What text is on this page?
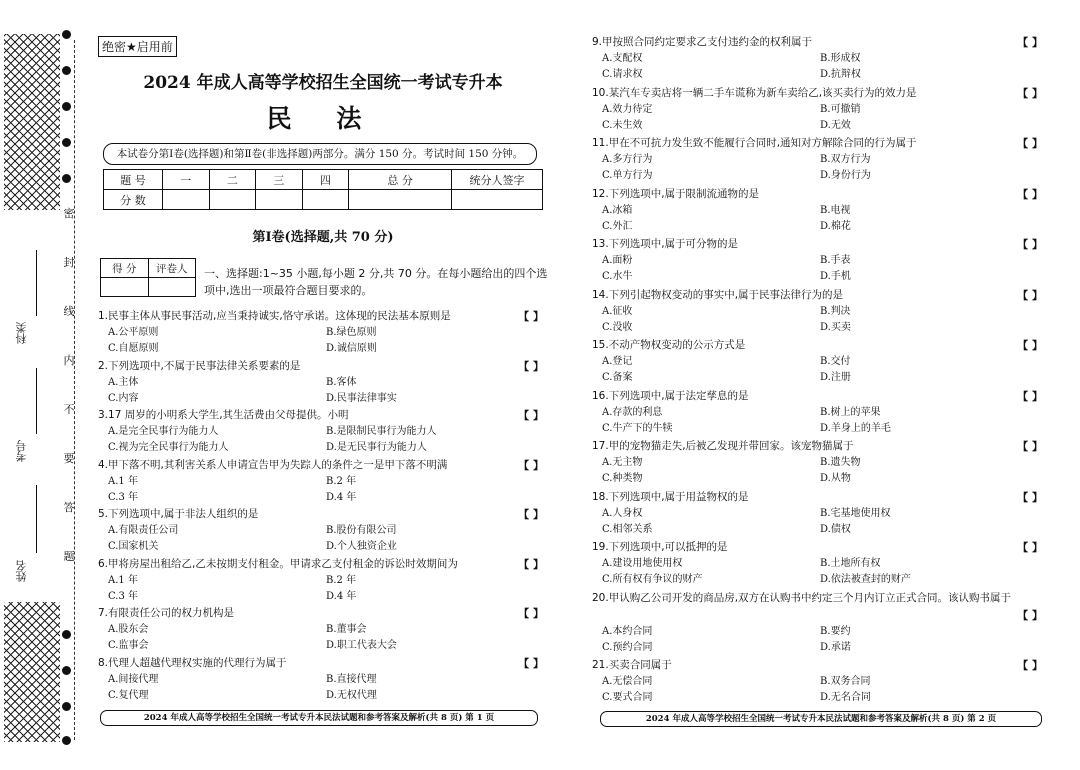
密
封
线
内
不
要
答
题
科类
考号
姓名
绝密★启用前
2024 年成人高等学校招生全国统一考试专升本
民 法
本试卷分第Ⅰ卷(选择题)和第Ⅱ卷(非选择题)两部分。满分 150 分。考试时间 150 分钟。
题 号	一	二	三	四	总 分	统分人签字
分 数						
第Ⅰ卷(选择题,共 70 分)
得 分	评卷人
	一、选择题:1~35 小题,每小题 2 分,共 70 分。在每小题给出的四个选项中,选出一项最符合题目要求的。
1.民事主体从事民事活动,应当秉持诚实,恪守承诺。这体现的民法基本原则是	【 】
A.公平原则	B.绿色原则
C.自愿原则	D.诚信原则
2.下列选项中,不属于民事法律关系要素的是	【 】
A.主体	B.客体
C.内容	D.民事法律事实
3.17 周岁的小明系大学生,其生活费由父母提供。小明	【 】
A.是完全民事行为能力人	B.是限制民事行为能力人
C.视为完全民事行为能力人	D.是无民事行为能力人
4.甲下落不明,其利害关系人申请宣告甲为失踪人的条件之一是甲下落不明满	【 】
A.1 年	B.2 年
C.3 年	D.4 年
5.下列选项中,属于非法人组织的是	【 】
A.有限责任公司	B.股份有限公司
C.国家机关	D.个人独资企业
6.甲将房屋出租给乙,乙未按期支付租金。甲请求乙支付租金的诉讼时效期间为	【 】
A.1 年	B.2 年
C.3 年	D.4 年
7.有限责任公司的权力机构是	【 】
A.股东会	B.董事会
C.监事会	D.职工代表大会
8.代理人超越代理权实施的代理行为属于	【 】
A.间接代理	B.直接代理
C.复代理	D.无权代理
2024 年成人高等学校招生全国统一考试专升本民法试题和参考答案及解析(共 8 页) 第 1 页
9.甲按照合同约定要求乙支付违约金的权利属于	【 】
A.支配权	B.形成权
C.请求权	D.抗辩权
10.某汽车专卖店将一辆二手车谎称为新车卖给乙,该买卖行为的效力是	【 】
A.效力待定	B.可撤销
C.未生效	D.无效
11.甲在不可抗力发生致不能履行合同时,通知对方解除合同的行为属于	【 】
A.多方行为	B.双方行为
C.单方行为	D.身份行为
12.下列选项中,属于限制流通物的是	【 】
A.冰箱	B.电视
C.外汇	D.棉花
13.下列选项中,属于可分物的是	【 】
A.面粉	B.手表
C.水牛	D.手机
14.下列引起物权变动的事实中,属于民事法律行为的是	【 】
A.征收	B.判决
C.没收	D.买卖
15.不动产物权变动的公示方式是	【 】
A.登记	B.交付
C.备案	D.注册
16.下列选项中,属于法定孳息的是	【 】
A.存款的利息	B.树上的苹果
C.牛产下的牛犊	D.羊身上的羊毛
17.甲的宠物猫走失,后被乙发现并带回家。该宠物猫属于	【 】
A.无主物	B.遗失物
C.种类物	D.从物
18.下列选项中,属于用益物权的是	【 】
A.人身权	B.宅基地使用权
C.相邻关系	D.债权
19.下列选项中,可以抵押的是	【 】
A.建设用地使用权	B.土地所有权
C.所有权有争议的财产	D.依法被查封的财产
20.甲认购乙公司开发的商品房,双方在认购书中约定三个月内订立正式合同。该认购书属于
【 】
A.本约合同	B.要约
C.预约合同	D.承诺
21.买卖合同属于	【 】
A.无偿合同	B.双务合同
C.要式合同	D.无名合同
2024 年成人高等学校招生全国统一考试专升本民法试题和参考答案及解析(共 8 页) 第 2 页
